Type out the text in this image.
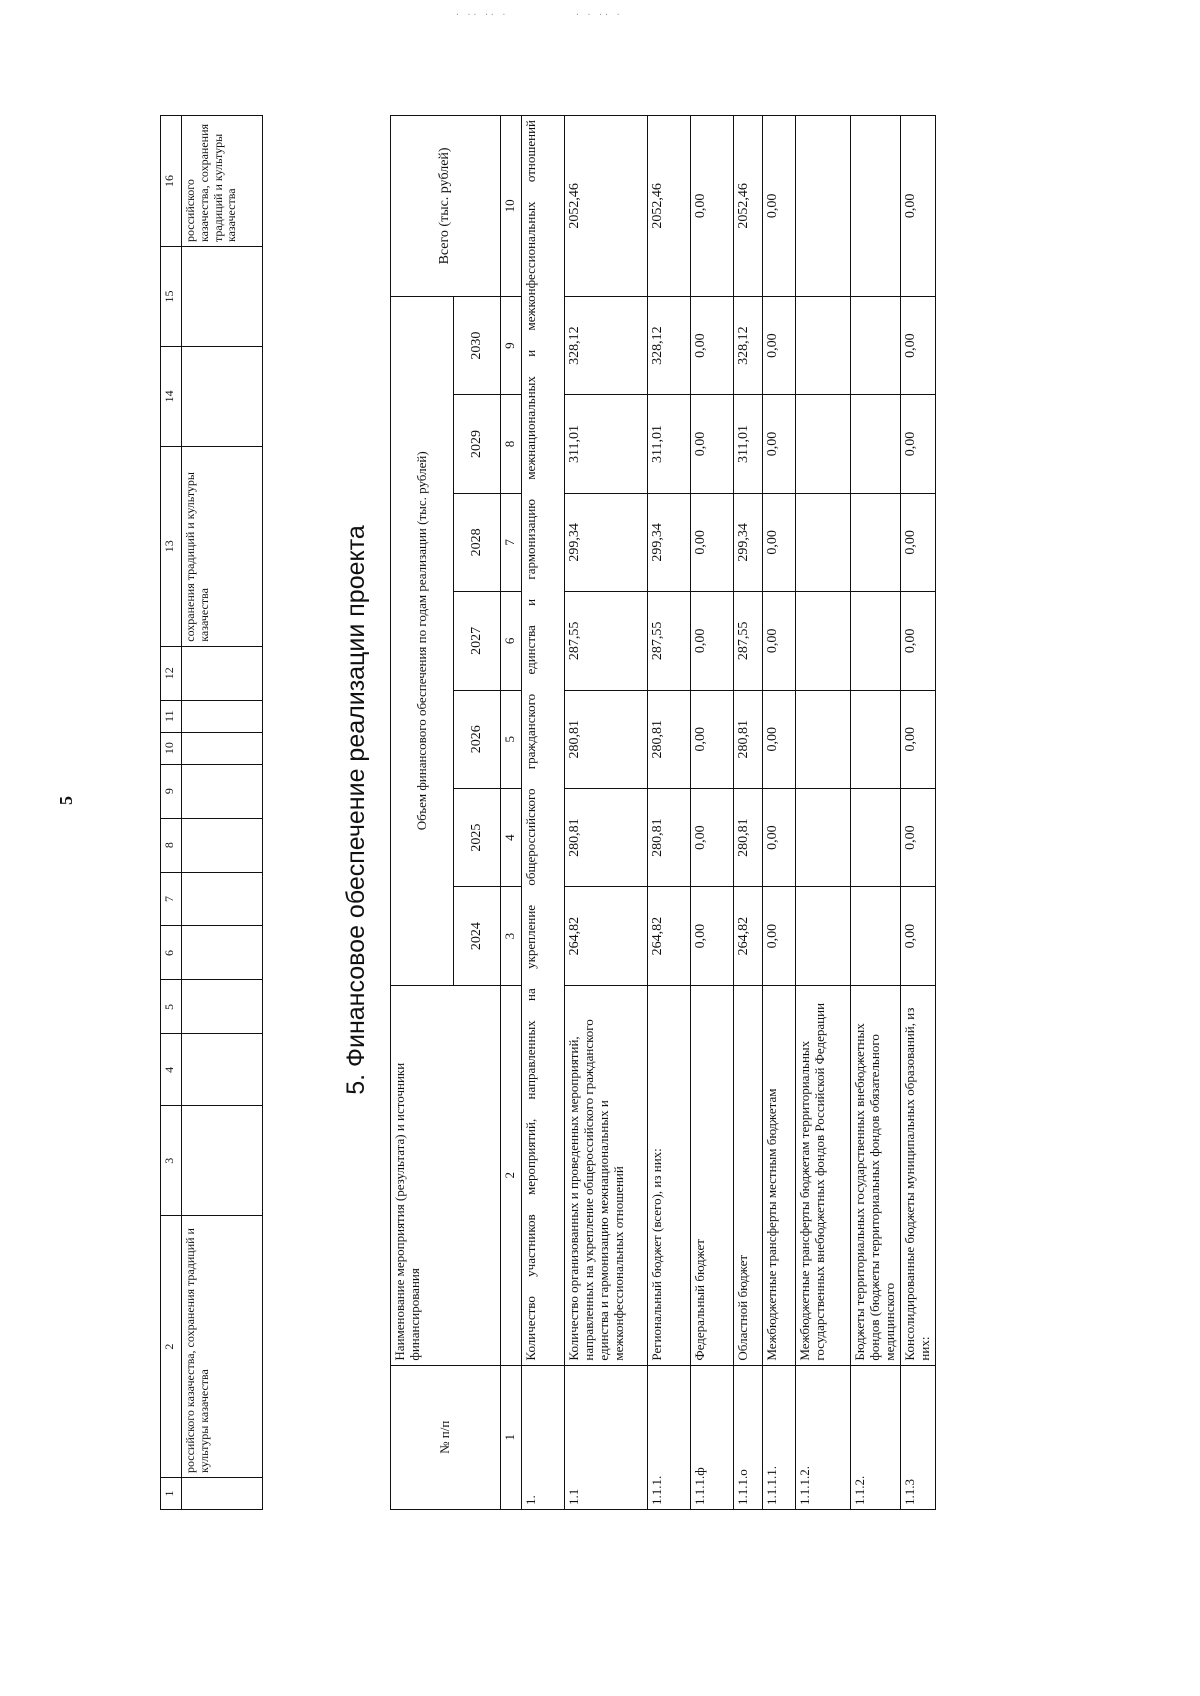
5
· ·· ·· ·	· · ·· ·
1	2	3	4	5	6	7	8	9	10	11	12	13	14	15	16
	российского казачества, сохранения традиций и культуры казачества											сохранения традиций и культуры казачества			российского казачества, сохранения традиций и культуры казачества
5. Финансовое обеспечение реализации проекта
№ п/п	Наименование мероприятия (результата) и источники финансирования	Объем финансового обеспечения по годам реализации (тыс. рублей)							Всего (тыс. рублей)
		2024	2025	2026	2027	2028	2029	2030	
1	2	3	4	5	6	7	8	9	10
1.	Количество участников мероприятий, направленных на укрепление общероссийского гражданского единства и гармонизацию межнациональных и межконфессиональных отношений								
1.1	Количество организованных и проведенных мероприятий, направленных на укрепление общероссийского гражданского единства и гармонизацию межнациональных и межконфессиональных отношений	264,82	280,81	280,81	287,55	299,34	311,01	328,12	2052,46
1.1.1.	Региональный бюджет (всего), из них:	264,82	280,81	280,81	287,55	299,34	311,01	328,12	2052,46
1.1.1.ф	Федеральный бюджет	0,00	0,00	0,00	0,00	0,00	0,00	0,00	0,00
1.1.1.о	Областной бюджет	264,82	280,81	280,81	287,55	299,34	311,01	328,12	2052,46
1.1.1.1.	Межбюджетные трансферты местным бюджетам	0,00	0,00	0,00	0,00	0,00	0,00	0,00	0,00
1.1.1.2.	Межбюджетные трансферты бюджетам территориальных государственных внебюджетных фондов Российской Федерации								
1.1.2.	Бюджеты территориальных государственных внебюджетных фондов (бюджеты территориальных фондов обязательного медицинского								
1.1.3	Консолидированные бюджеты муниципальных образований, из них:	0,00	0,00	0,00	0,00	0,00	0,00	0,00	0,00
